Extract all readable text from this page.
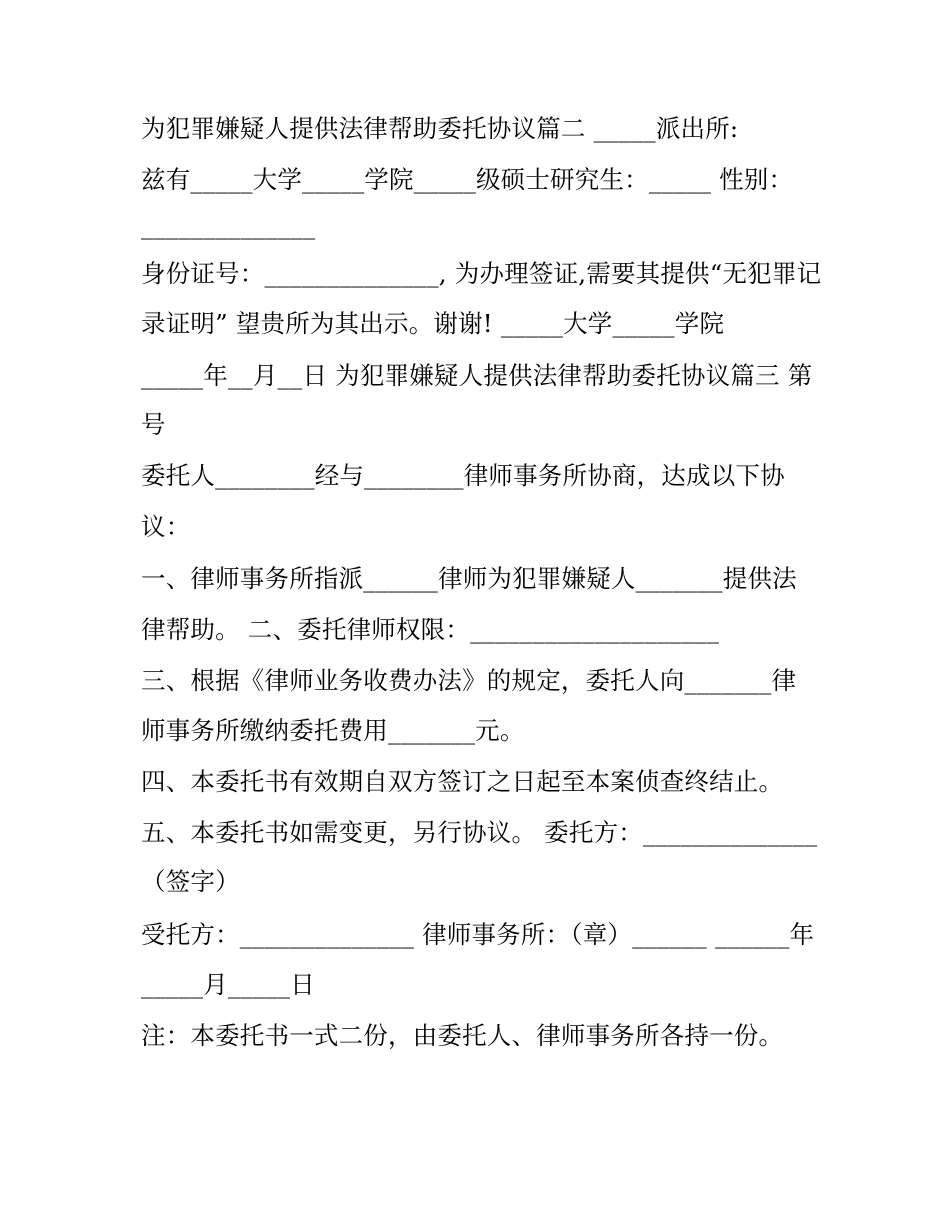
为犯罪嫌疑人提供法律帮助委托协议篇二 _____派出所:
兹有_____大学_____学院_____级硕士研究生：_____ 性别：
______________
身份证号：______________, 为办理签证,需要其提供“无犯罪记
录证明” 望贵所为其出示。谢谢! _____大学_____学院
_____年__月__日 为犯罪嫌疑人提供法律帮助委托协议篇三 第
号
委托人________经与________律师事务所协商，达成以下协
议：
一、律师事务所指派______律师为犯罪嫌疑人_______提供法
律帮助。 二、委托律师权限：____________________
三、根据《律师业务收费办法》的规定，委托人向_______律
师事务所缴纳委托费用_______元。
四、本委托书有效期自双方签订之日起至本案侦查终结止。
五、本委托书如需变更，另行协议。 委托方：______________
（签字）
受托方：______________ 律师事务所：（章）______ ______年
_____月_____日
注：本委托书一式二份，由委托人、律师事务所各持一份。
